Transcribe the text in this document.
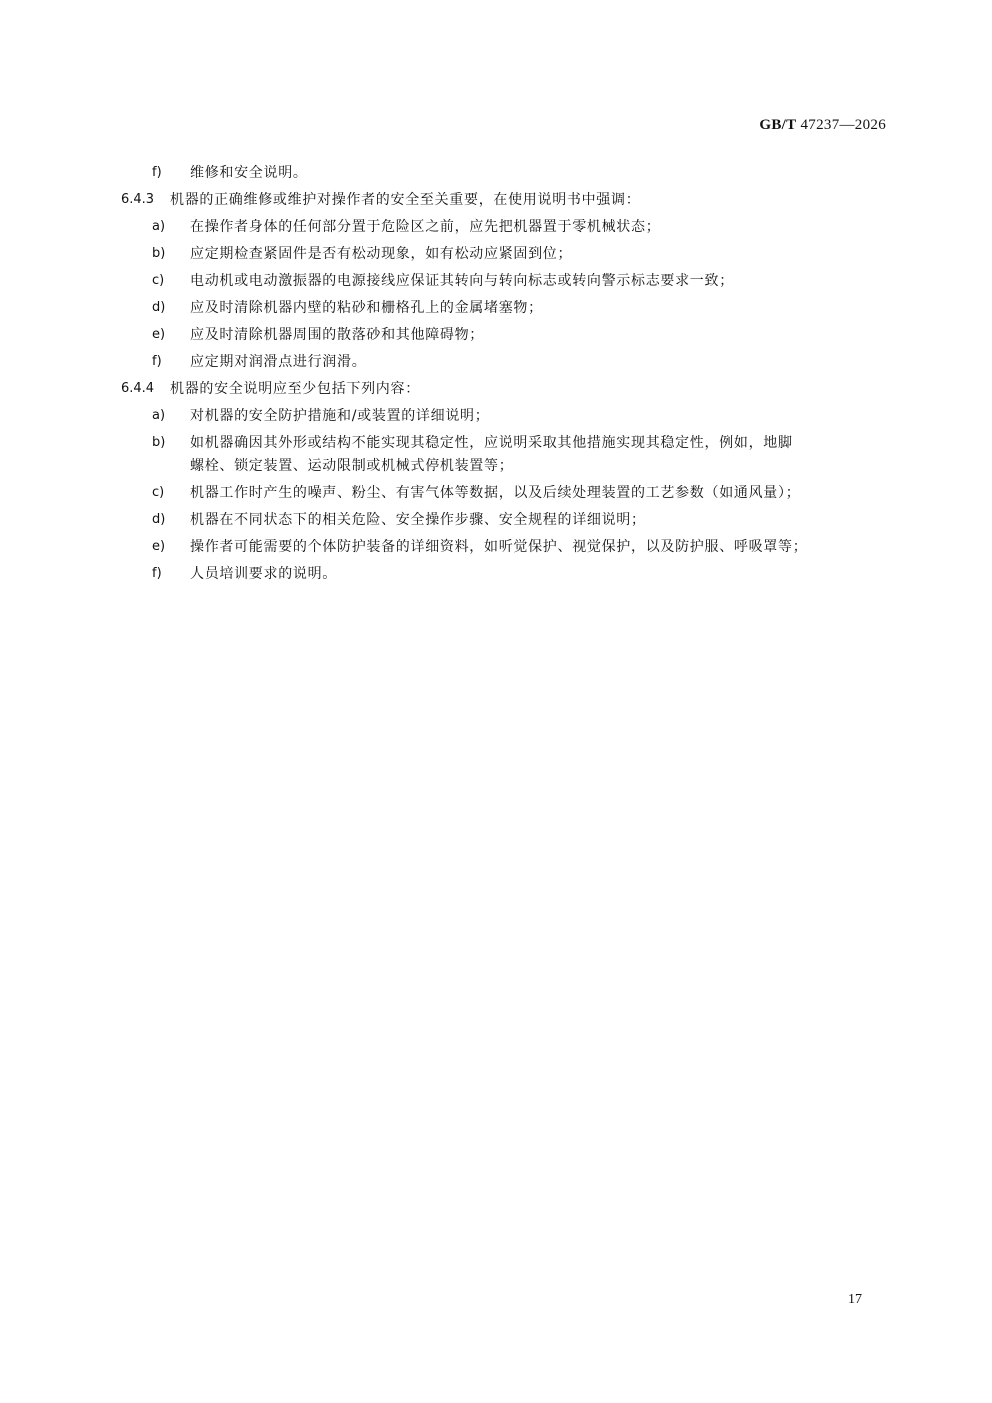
GB/T 47237—2026
f) 维修和安全说明。
6.4.3 机器的正确维修或维护对操作者的安全至关重要，在使用说明书中强调：
a) 在操作者身体的任何部分置于危险区之前，应先把机器置于零机械状态；
b) 应定期检查紧固件是否有松动现象，如有松动应紧固到位；
c) 电动机或电动激振器的电源接线应保证其转向与转向标志或转向警示标志要求一致；
d) 应及时清除机器内壁的粘砂和栅格孔上的金属堵塞物；
e) 应及时清除机器周围的散落砂和其他障碍物；
f) 应定期对润滑点进行润滑。
6.4.4 机器的安全说明应至少包括下列内容：
a) 对机器的安全防护措施和/或装置的详细说明；
b) 如机器确因其外形或结构不能实现其稳定性，应说明采取其他措施实现其稳定性，例如，地脚
螺栓、锁定装置、运动限制或机械式停机装置等；
c) 机器工作时产生的噪声、粉尘、有害气体等数据，以及后续处理装置的工艺参数（如通风量）；
d) 机器在不同状态下的相关危险、安全操作步骤、安全规程的详细说明；
e) 操作者可能需要的个体防护装备的详细资料，如听觉保护、视觉保护，以及防护服、呼吸罩等；
f) 人员培训要求的说明。
17
